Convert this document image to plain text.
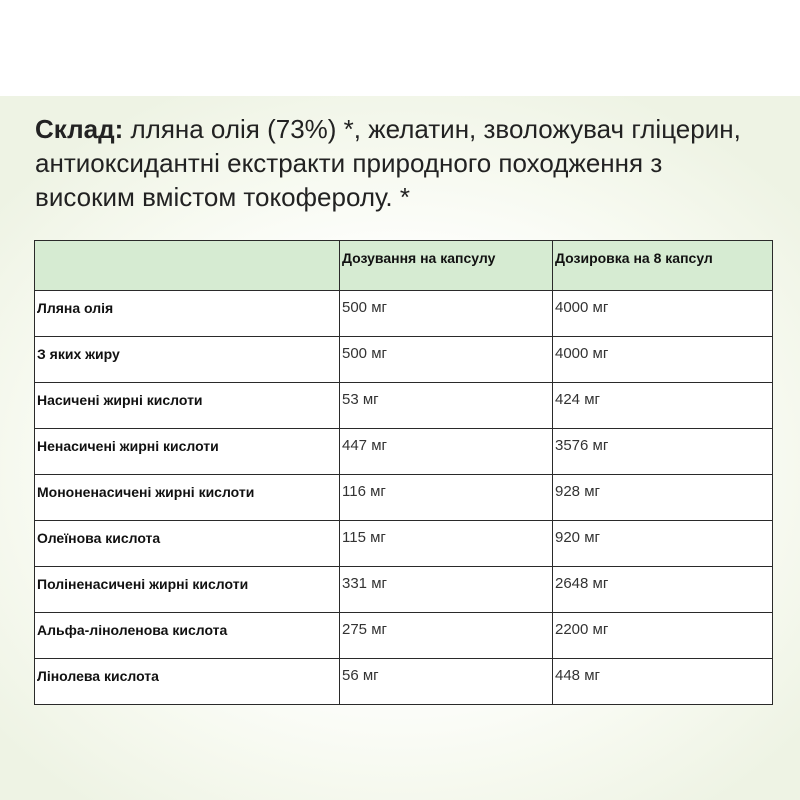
Склад: лляна олія (73%) *, желатин, зволожувач гліцерин, антиоксидантні екстракти природного походження з високим вмістом токоферолу. *

	Дозування на капсулу	Дозировка на 8 капсул
Лляна олія	500 мг	4000 мг
З яких жиру	500 мг	4000 мг
Насичені жирні кислоти	53 мг	424 мг
Ненасичені жирні кислоти	447 мг	3576 мг
Мононенасичені жирні кислоти	116 мг	928 мг
Олеїнова кислота	115 мг	920 мг
Поліненасичені жирні кислоти	331 мг	2648 мг
Альфа-ліноленова кислота	275 мг	2200 мг
Лінолева кислота	56 мг	448 мг
